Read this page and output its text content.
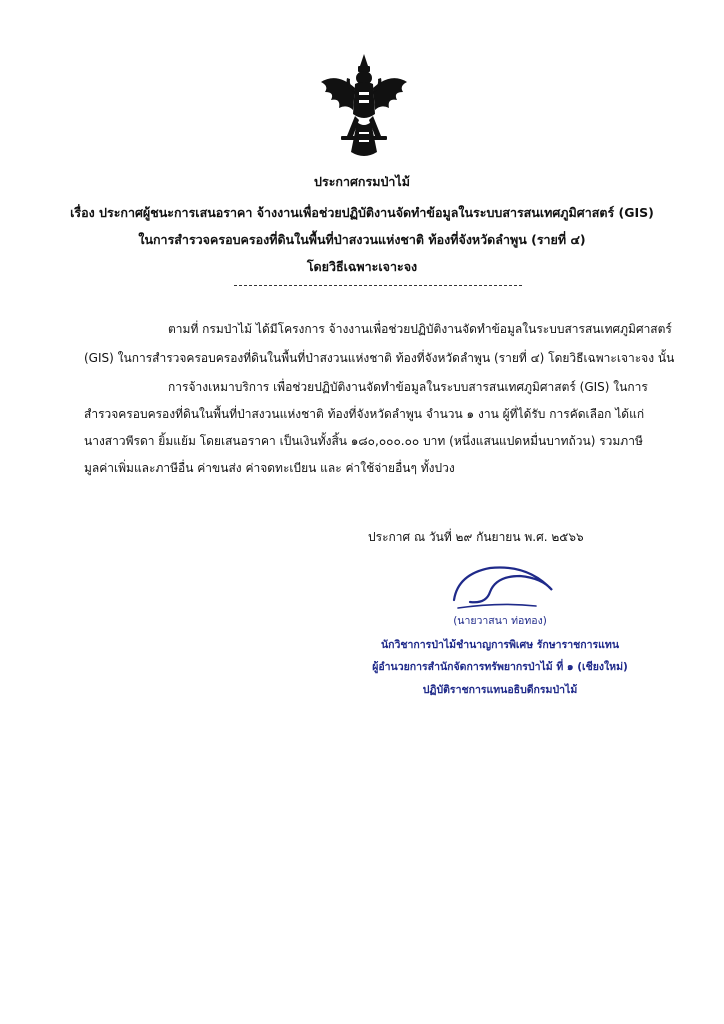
ประกาศกรมป่าไม้
เรื่อง ประกาศผู้ชนะการเสนอราคา จ้างงานเพื่อช่วยปฏิบัติงานจัดทำข้อมูลในระบบสารสนเทศภูมิศาสตร์ (GIS)
ในการสำรวจครอบครองที่ดินในพื้นที่ป่าสงวนแห่งชาติ ท้องที่จังหวัดลำพูน (รายที่ ๔)
โดยวิธีเฉพาะเจาะจง
ตามที่ กรมป่าไม้ ได้มีโครงการ จ้างงานเพื่อช่วยปฏิบัติงานจัดทำข้อมูลในระบบสารสนเทศภูมิศาสตร์
(GIS) ในการสำรวจครอบครองที่ดินในพื้นที่ป่าสงวนแห่งชาติ ท้องที่จังหวัดลำพูน (รายที่ ๔) โดยวิธีเฉพาะเจาะจง นั้น
การจ้างเหมาบริการ เพื่อช่วยปฏิบัติงานจัดทำข้อมูลในระบบสารสนเทศภูมิศาสตร์ (GIS) ในการ
สำรวจครอบครองที่ดินในพื้นที่ป่าสงวนแห่งชาติ ท้องที่จังหวัดลำพูน จำนวน ๑ งาน ผู้ที่ได้รับ การคัดเลือก ได้แก่
นางสาวพีรดา ยิ้มแย้ม โดยเสนอราคา เป็นเงินทั้งสิ้น ๑๘๐,๐๐๐.๐๐ บาท (หนึ่งแสนแปดหมื่นบาทถ้วน) รวมภาษี
มูลค่าเพิ่มและภาษีอื่น ค่าขนส่ง ค่าจดทะเบียน และ ค่าใช้จ่ายอื่นๆ ทั้งปวง
ประกาศ ณ วันที่ ๒๙ กันยายน พ.ศ. ๒๕๖๖
(นายวาสนา ท่อทอง)
นักวิชาการป่าไม้ชำนาญการพิเศษ รักษาราชการแทน
ผู้อำนวยการสำนักจัดการทรัพยากรป่าไม้ ที่ ๑ (เชียงใหม่)
ปฏิบัติราชการแทนอธิบดีกรมป่าไม้
